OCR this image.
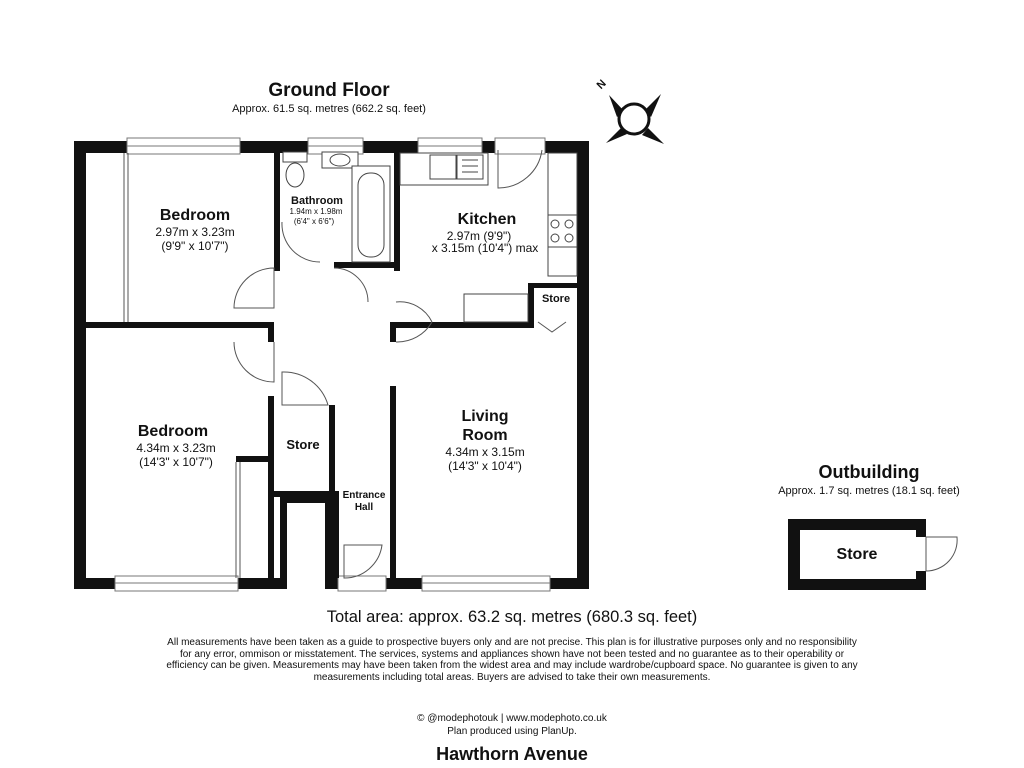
Ground Floor
Approx. 61.5 sq. metres (662.2 sq. feet)
N
Bedroom
2.97m x 3.23m
(9'9" x 10'7")
Bathroom
1.94m x 1.98m
(6'4" x 6'6")	Kitchen
2.97m (9'9")
x 3.15m (10'4") max
Store
Bedroom
4.34m x 3.23m
(14'3" x 10'7")
Store
Entrance
Hall
Living
Room
4.34m x 3.15m
(14'3" x 10'4")	Outbuilding
Approx. 1.7 sq. metres (18.1 sq. feet)
Store
Total area: approx. 63.2 sq. metres (680.3 sq. feet)
All measurements have been taken as a guide to prospective buyers only and are not precise. This plan is for illustrative purposes only and no responsibility for any error, ommison or misstatement. The services, systems and appliances shown have not been tested and no guarantee as to their operability or efficiency can be given. Measurements may have been taken from the widest area and may include wardrobe/cupboard space. No guarantee is given to any measurements including total areas. Buyers are advised to take their own measurements.
© @modephotouk | www.modephoto.co.uk
Plan produced using PlanUp.
Hawthorn Avenue
